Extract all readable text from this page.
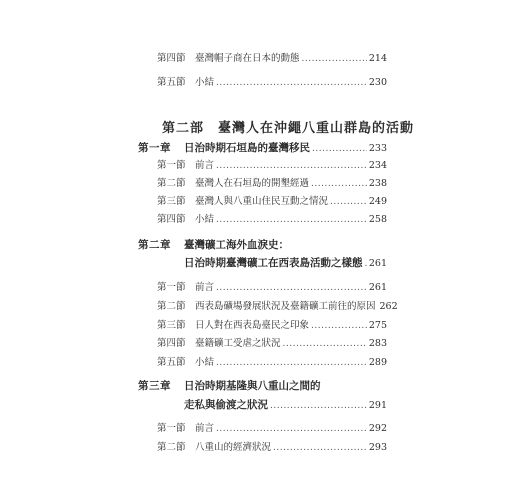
第四節 臺灣帽子商在日本的動態 .....	214
第五節 小結 .....	230
第二部 臺灣人在沖繩八重山群島的活動
第一章	日治時期石垣島的臺灣移民 .....	233
第一節 前言 .....	234
第二節 臺灣人在石垣島的開墾經過 .....	238
第三節 臺灣人與八重山住民互動之情況 .....	249
第四節 小結 .....	258
第二章	臺灣礦工海外血淚史：
日治時期臺灣礦工在西表島活動之樣態 ..... 261
第一節 前言 .....	261
第二節 西表島礦場發展狀況及臺籍礦工前往的原因 262
第三節 日人對在西表島臺民之印象 .....	275
第四節 臺籍礦工受虐之狀況 .....	283
第五節 小結 .....	289
第三章	日治時期基隆與八重山之間的
走私與偷渡之狀況 .....	291
第一節 前言 .....	292
第二節 八重山的經濟狀況 .....	293
